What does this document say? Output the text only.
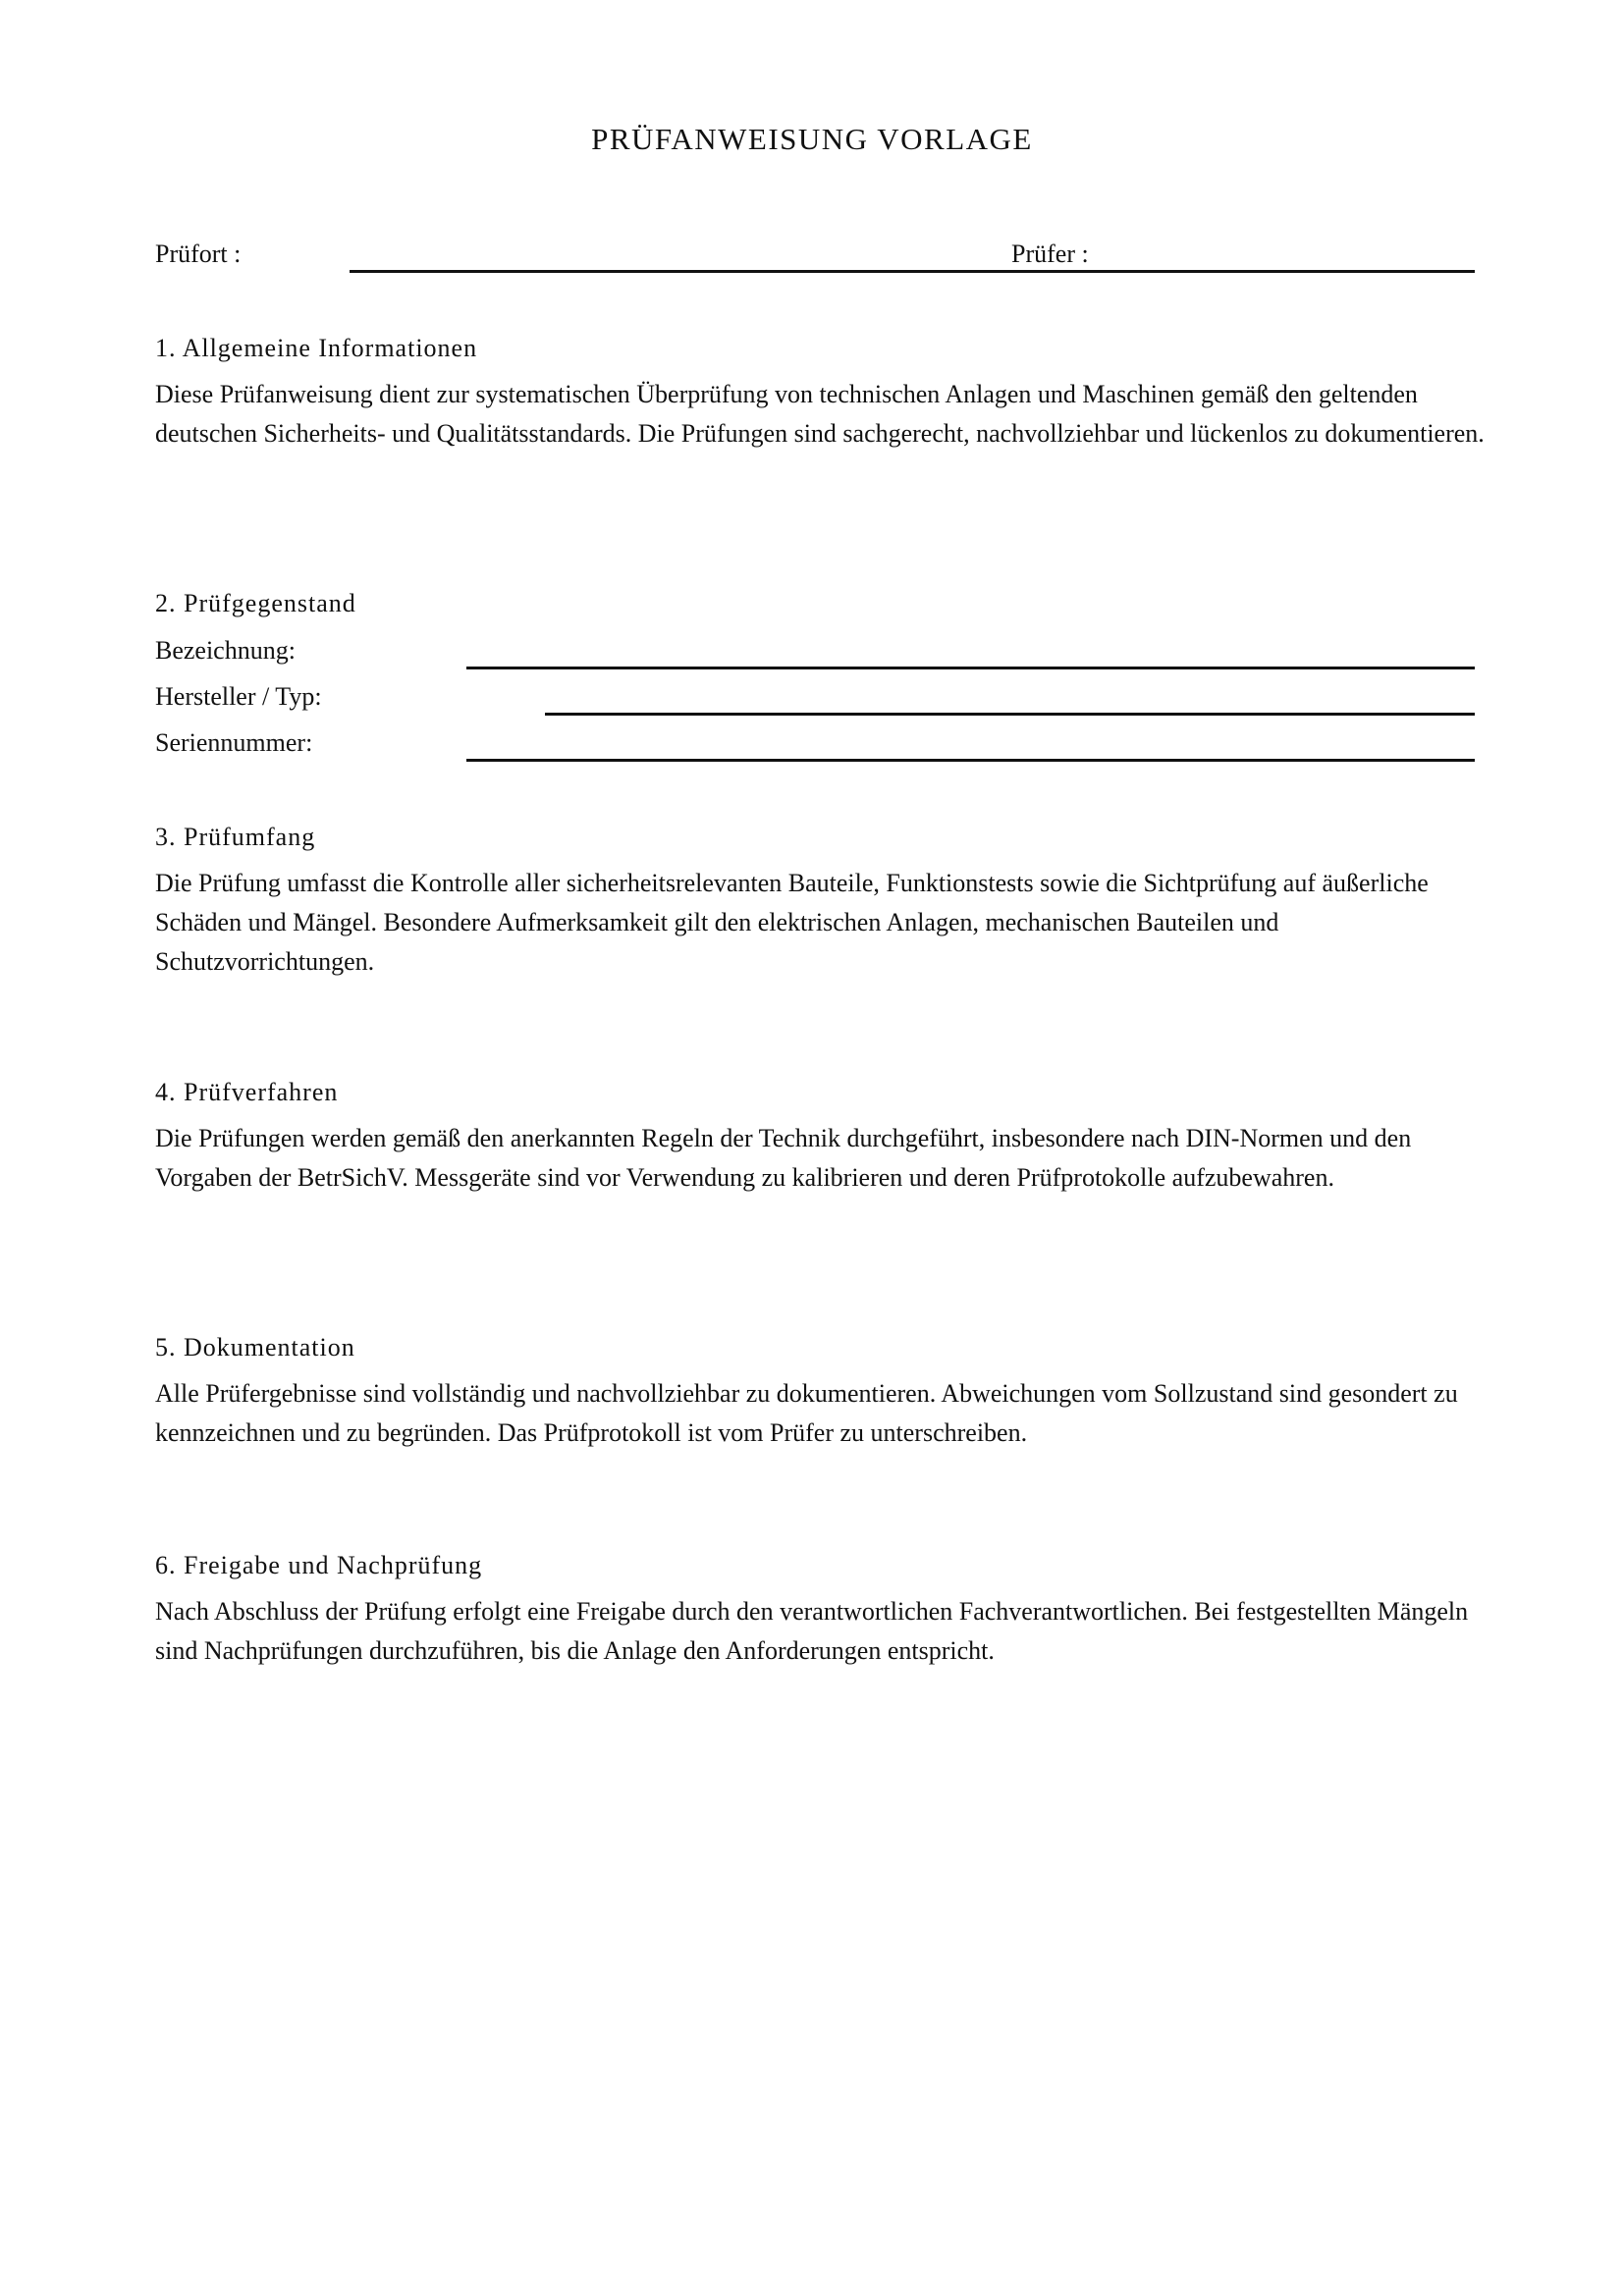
PRÜFANWEISUNG VORLAGE
Prüfort :	Prüfer :
1. Allgemeine Informationen

Diese Prüfanweisung dient zur systematischen Überprüfung von technischen Anlagen und Maschinen gemäß den geltenden deutschen Sicherheits- und Qualitätsstandards. Die Prüfungen sind sachgerecht, nachvollziehbar und lückenlos zu dokumentieren.

2. Prüfgegenstand
Bezeichnung:
Hersteller / Typ:
Seriennummer:
3. Prüfumfang

Die Prüfung umfasst die Kontrolle aller sicherheitsrelevanten Bauteile, Funktionstests sowie die Sichtprüfung auf äußerliche Schäden und Mängel. Besondere Aufmerksamkeit gilt den elektrischen Anlagen, mechanischen Bauteilen und Schutzvorrichtungen.

4. Prüfverfahren

Die Prüfungen werden gemäß den anerkannten Regeln der Technik durchgeführt, insbesondere nach DIN-Normen und den Vorgaben der BetrSichV. Messgeräte sind vor Verwendung zu kalibrieren und deren Prüfprotokolle aufzubewahren.

5. Dokumentation

Alle Prüfergebnisse sind vollständig und nachvollziehbar zu dokumentieren. Abweichungen vom Sollzustand sind gesondert zu kennzeichnen und zu begründen. Das Prüfprotokoll ist vom Prüfer zu unterschreiben.

6. Freigabe und Nachprüfung

Nach Abschluss der Prüfung erfolgt eine Freigabe durch den verantwortlichen Fachverantwortlichen. Bei festgestellten Mängeln sind Nachprüfungen durchzuführen, bis die Anlage den Anforderungen entspricht.
